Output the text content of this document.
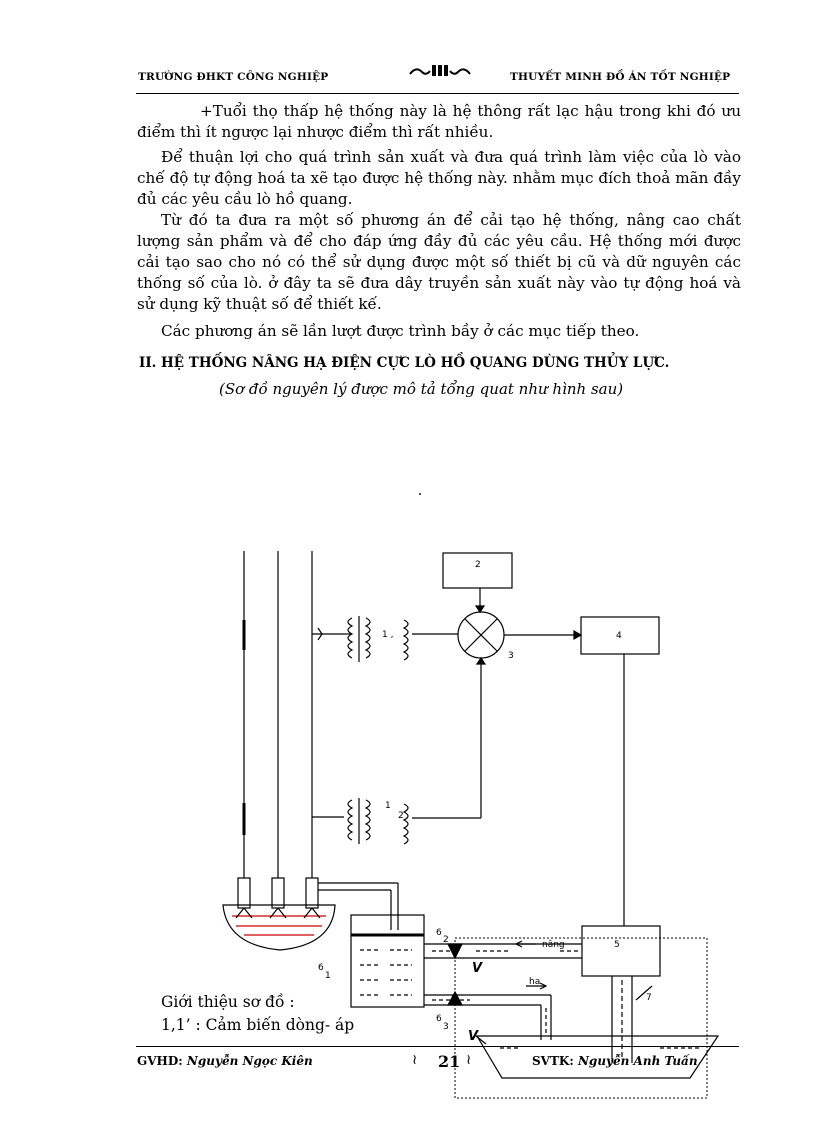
TRƯỜNG ĐHKT CÔNG NGHIỆP	THUYẾT MINH ĐỒ ÁN TỐT NGHIỆP

+Tuổi thọ thấp hệ thống này là hệ thông rất lạc hậu trong khi đó ưu điểm thì ít ngược lại nhược điểm thì rất nhiều.

Để thuận lợi cho quá trình sản xuất và đưa quá trình làm việc của lò vào chế độ tự động hoá ta xẽ tạo được hệ thống này. nhằm mục đích thoả mãn đầy đủ các yêu cầu lò hồ quang.

Từ đó ta đưa ra một số phương án để cải tạo hệ thống, nâng cao chất lượng sản phẩm và để cho đáp ứng đầy đủ các yêu cầu. Hệ thống mới được cải tạo sao cho nó có thể sử dụng được một số thiết bị cũ và dữ nguyên các thống số của lò. ở đây ta sẽ đưa dây truyền sản xuất này vào tự động hoá và sử dụng kỹ thuật số để thiết kế.

Các phương án sẽ lần lượt được trình bầy ở các mục tiếp theo.

II. HỆ THỐNG NÂNG HẠ ĐIỆN CỰC LÒ HỒ QUANG DÙNG THỦY LỰC.
(Sơ đồ nguyên lý được mô tả tổng quat như hình sau)
2
4
5
1 ,
1
2
3
6
2
6
3
6
1
7
nâng
ha
V
V

Giới thiệu sơ đồ :

1,1’ : Cảm biến dòng- áp

GVHD: Nguyễn Ngọc Kiên	≀ 21 ≀	SVTK: Nguyễn Anh Tuấn
